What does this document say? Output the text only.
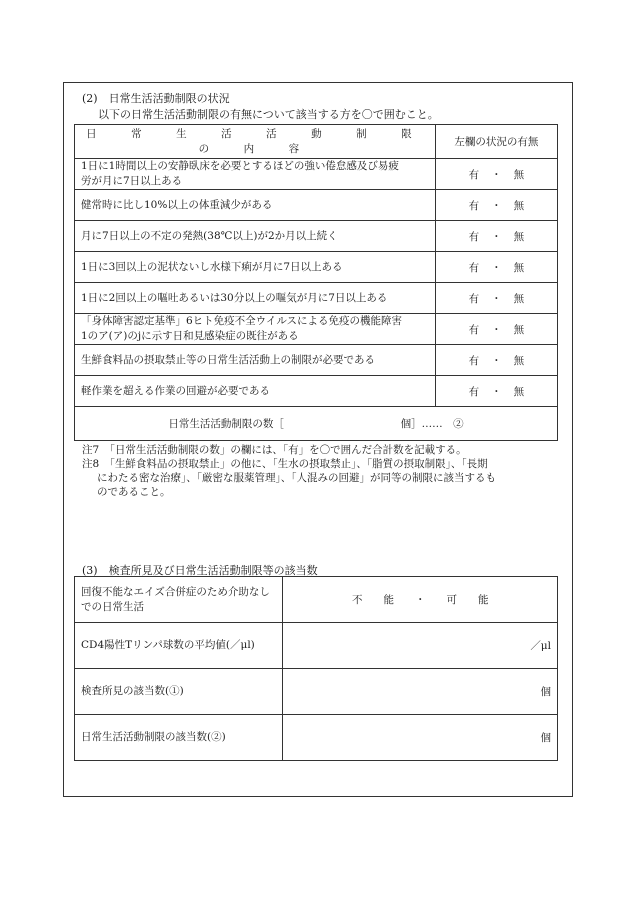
(2)　日常生活活動制限の状況
以下の日常生活活動制限の有無について該当する方を〇で囲むこと。
日　常　生　活　活　動　制　限　の　内　容	左欄の状況の有無

1日に1時間以上の安静臥床を必要とするほどの強い倦怠感及び易疲
労が月に7日以上ある	有 ・ 無
健常時に比し10%以上の体重減少がある	有 ・ 無
月に7日以上の不定の発熱(38℃以上)が2か月以上続く	有 ・ 無
1日に3回以上の泥状ないし水様下痢が月に7日以上ある	有 ・ 無
1日に2回以上の嘔吐あるいは30分以上の嘔気が月に7日以上ある	有 ・ 無

「身体障害認定基準」6ヒト免疫不全ウイルスによる免疫の機能障害
1のア(ア)のjに示す日和見感染症の既往がある	有 ・ 無
生鮮食料品の摂取禁止等の日常生活活動上の制限が必要である	有 ・ 無
軽作業を超える作業の回避が必要である	有 ・ 無
日常生活活動制限の数［ 個］……　②	
注7　「日常生活活動制限の数」の欄には、「有」を〇で囲んだ合計数を記載する。
注8　「生鮮食料品の摂取禁止」の他に、「生水の摂取禁止」、「脂質の摂取制限」、「長期
にわたる密な治療」、「厳密な服薬管理」、「人混みの回避」が同等の制限に該当するも
のであること。
(3)　検査所見及び日常生活活動制限等の該当数
回復不能なエイズ合併症のため介助なし
での日常生活	不　　能　　・　　可　　能
CD4陽性Tリンパ球数の平均値(／μl)	／μl
検査所見の該当数(①)	個
日常生活活動制限の該当数(②)	個
